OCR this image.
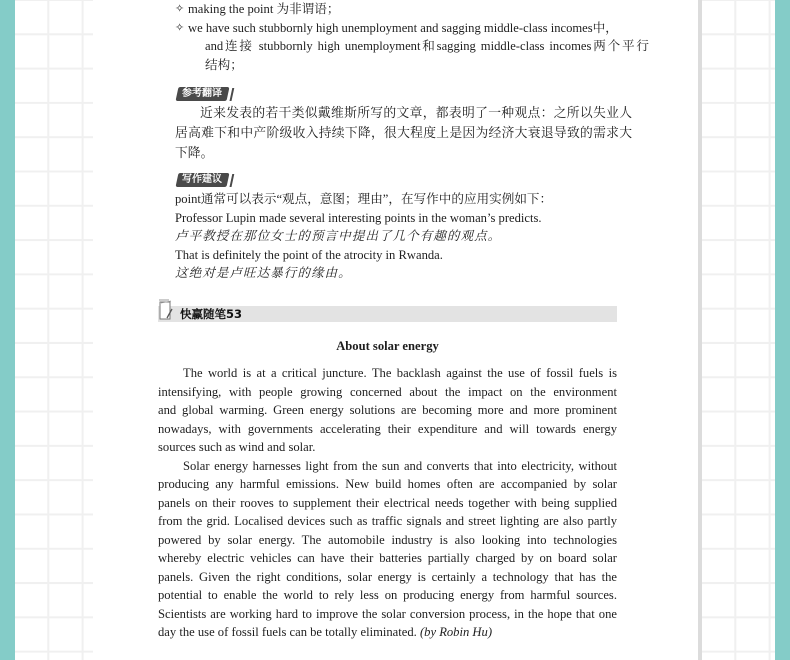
✧ making the point 为非谓语；
✧ we have such stubbornly high unemployment and sagging middle-class incomes中，
and连接 stubbornly high unemployment和sagging middle-class incomes两个平行
结构；
参考翻译
近来发表的若干类似戴维斯所写的文章，都表明了一种观点：之所以失业人
居高难下和中产阶级收入持续下降，很大程度上是因为经济大衰退导致的需求大
下降。
写作建议
point通常可以表示“观点，意图；理由”，在写作中的应用实例如下：
Professor Lupin made several interesting points in the woman’s predicts.
卢平教授在那位女士的预言中提出了几个有趣的观点。
That is definitely the point of the atrocity in Rwanda.
这绝对是卢旺达暴行的缘由。
快赢随笔53
About solar energy
The world is at a critical juncture. The backlash against the use of fossil fuels is
intensifying, with people growing concerned about the impact on the environment
and global warming. Green energy solutions are becoming more and more prominent
nowadays, with governments accelerating their expenditure and will towards energy
sources such as wind and solar.
Solar energy harnesses light from the sun and converts that into electricity, without
producing any harmful emissions. New build homes often are accompanied by solar
panels on their rooves to supplement their electrical needs together with being supplied
from the grid. Localised devices such as traffic signals and street lighting are also partly
powered by solar energy. The automobile industry is also looking into technologies
whereby electric vehicles can have their batteries partially charged by on board solar
panels. Given the right conditions, solar energy is certainly a technology that has the
potential to enable the world to rely less on producing energy from harmful sources.
Scientists are working hard to improve the solar conversion process, in the hope that one
day the use of fossil fuels can be totally eliminated. (by Robin Hu)
